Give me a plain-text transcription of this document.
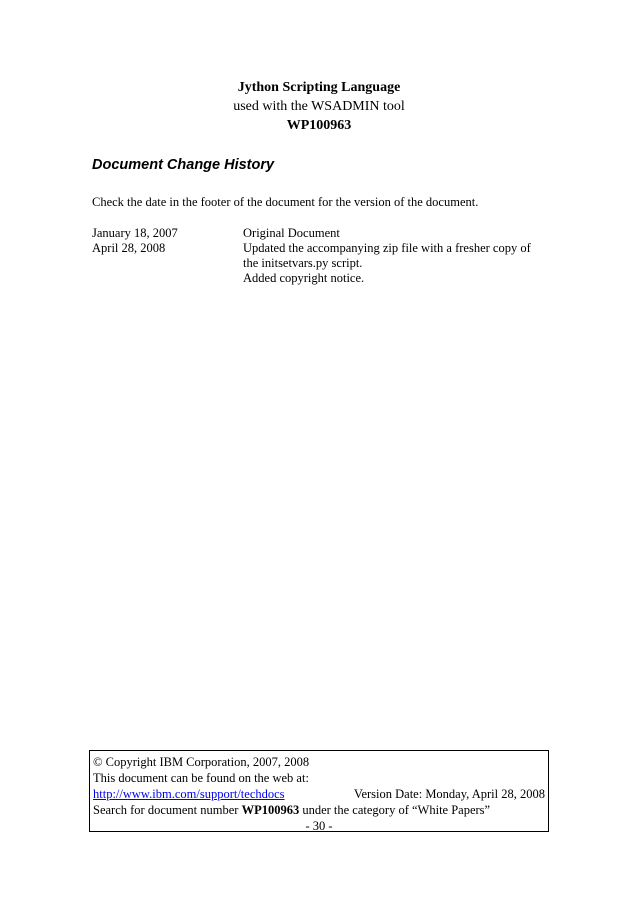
Jython Scripting Language
used with the WSADMIN tool
WP100963
Document Change History
Check the date in the footer of the document for the version of the document.
January 18, 2007	Original Document
April 28, 2008	Updated the accompanying zip file with a fresher copy of
the initsetvars.py script.
Added copyright notice.
© Copyright IBM Corporation, 2007, 2008
This document can be found on the web at:
http://www.ibm.com/support/techdocs	Version Date: Monday, April 28, 2008
Search for document number WP100963 under the category of “White Papers”
- 30 -
